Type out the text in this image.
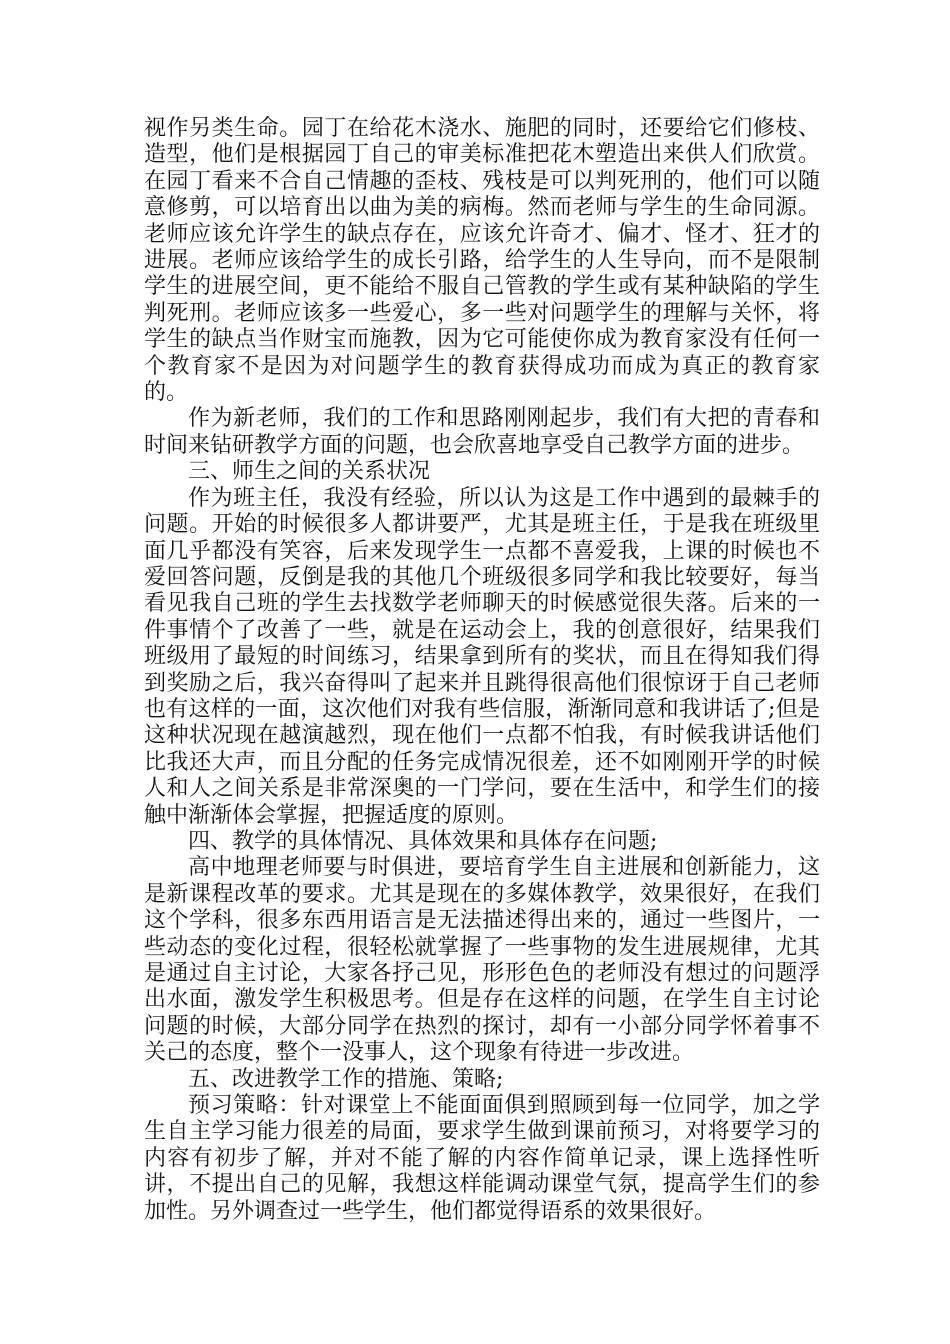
视作另类生命。园丁在给花木浇水、施肥的同时，还要给它们修枝、造型，他们是根据园丁自己的审美标准把花木塑造出来供人们欣赏。在园丁看来不合自己情趣的歪枝、残枝是可以判死刑的，他们可以随意修剪，可以培育出以曲为美的病梅。然而老师与学生的生命同源。老师应该允许学生的缺点存在，应该允许奇才、偏才、怪才、狂才的进展。老师应该给学生的成长引路，给学生的人生导向，而不是限制学生的进展空间，更不能给不服自己管教的学生或有某种缺陷的学生判死刑。老师应该多一些爱心，多一些对问题学生的理解与关怀，将学生的缺点当作财宝而施教，因为它可能使你成为教育家没有任何一个教育家不是因为对问题学生的教育获得成功而成为真正的教育家的。

作为新老师，我们的工作和思路刚刚起步，我们有大把的青春和时间来钻研教学方面的问题，也会欣喜地享受自己教学方面的进步。

三、师生之间的关系状况

作为班主任，我没有经验，所以认为这是工作中遇到的最棘手的问题。开始的时候很多人都讲要严，尤其是班主任，于是我在班级里面几乎都没有笑容，后来发现学生一点都不喜爱我，上课的时候也不爱回答问题，反倒是我的其他几个班级很多同学和我比较要好，每当看见我自己班的学生去找数学老师聊天的时候感觉很失落。后来的一件事情个了改善了一些，就是在运动会上，我的创意很好，结果我们班级用了最短的时间练习，结果拿到所有的奖状，而且在得知我们得到奖励之后，我兴奋得叫了起来并且跳得很高他们很惊讶于自己老师也有这样的一面，这次他们对我有些信服，渐渐同意和我讲话了;但是这种状况现在越演越烈，现在他们一点都不怕我，有时候我讲话他们比我还大声，而且分配的任务完成情况很差，还不如刚刚开学的时候人和人之间关系是非常深奥的一门学问，要在生活中，和学生们的接触中渐渐体会掌握，把握适度的原则。

四、教学的具体情况、具体效果和具体存在问题;

高中地理老师要与时俱进，要培育学生自主进展和创新能力，这是新课程改革的要求。尤其是现在的多媒体教学，效果很好，在我们这个学科，很多东西用语言是无法描述得出来的，通过一些图片，一些动态的变化过程，很轻松就掌握了一些事物的发生进展规律，尤其是通过自主讨论，大家各抒己见，形形色色的老师没有想过的问题浮出水面，激发学生积极思考。但是存在这样的问题，在学生自主讨论问题的时候，大部分同学在热烈的探讨，却有一小部分同学怀着事不关己的态度，整个一没事人，这个现象有待进一步改进。

五、改进教学工作的措施、策略;

预习策略：针对课堂上不能面面俱到照顾到每一位同学，加之学生自主学习能力很差的局面，要求学生做到课前预习，对将要学习的内容有初步了解，并对不能了解的内容作简单记录，课上选择性听讲，不提出自己的见解，我想这样能调动课堂气氛，提高学生们的参加性。另外调查过一些学生，他们都觉得语系的效果很好。
